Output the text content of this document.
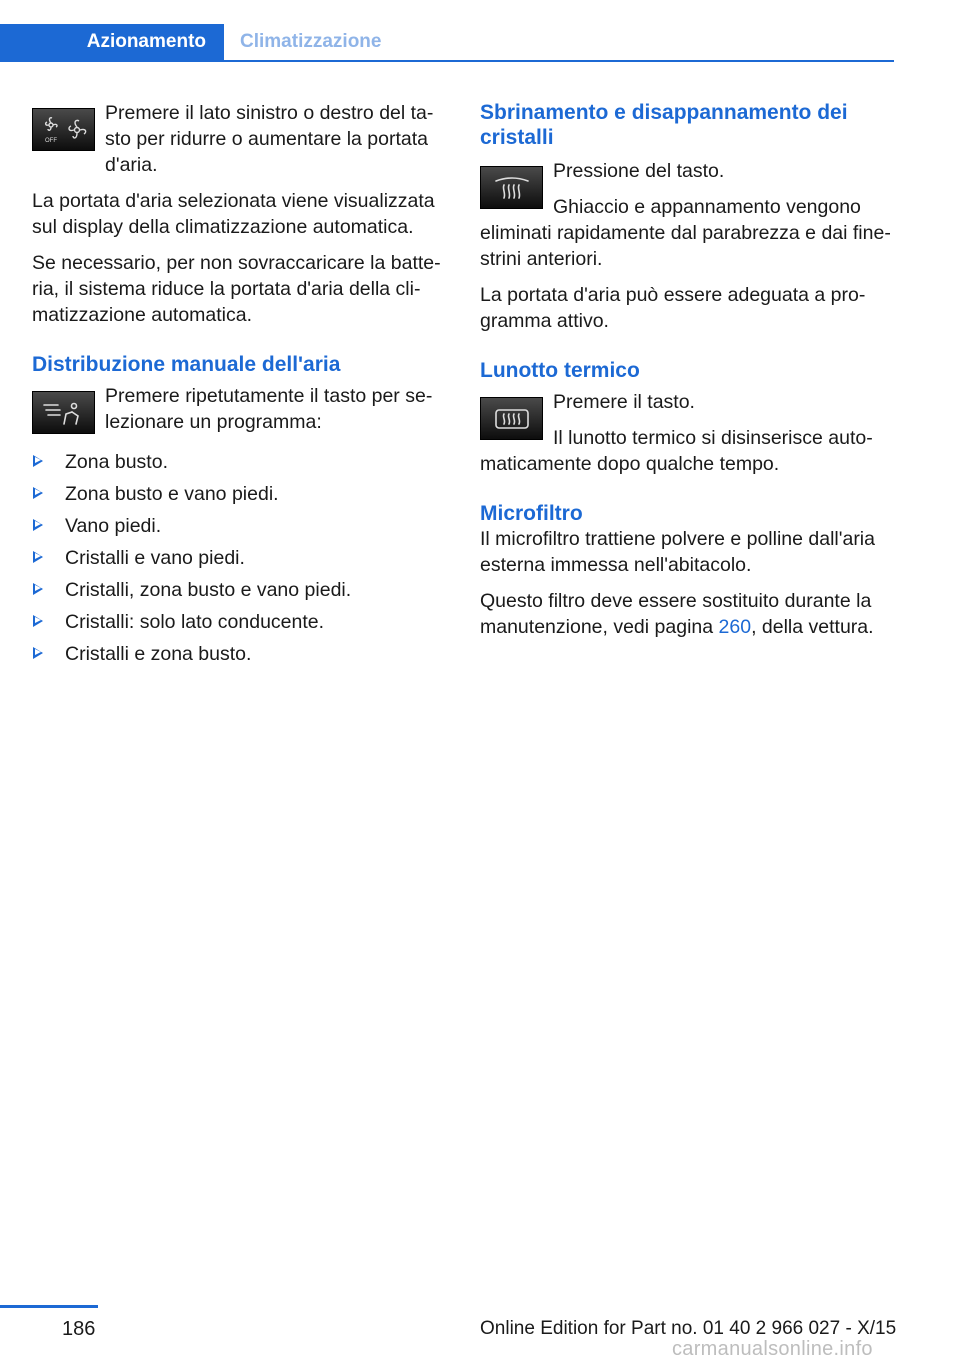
Azionamento	Climatizzazione
OFF

Premere il lato sinistro o destro del tasto per ridurre o aumentare la portata d'aria.

La portata d'aria selezionata viene visualizzata sul display della climatizzazione automatica.

Se necessario, per non sovraccaricare la batteria, il sistema riduce la portata d'aria della climatizzazione automatica.

Distribuzione manuale dell'aria

Premere ripetutamente il tasto per selezionare un programma:

Zona busto.
Zona busto e vano piedi.
Vano piedi.
Cristalli e vano piedi.
Cristalli, zona busto e vano piedi.
Cristalli: solo lato conducente.
Cristalli e zona busto.
Sbrinamento e disappannamento dei cristalli

Pressione del tasto.

Ghiaccio e appannamento vengono eliminati rapidamente dal parabrezza e dai finestrini anteriori.

La portata d'aria può essere adeguata a programma attivo.

Lunotto termico

Premere il tasto.

Il lunotto termico si disinserisce automaticamente dopo qualche tempo.

Microfiltro

Il microfiltro trattiene polvere e polline dall'aria esterna immessa nell'abitacolo.

Questo filtro deve essere sostituito durante la manutenzione, vedi pagina 260, della vettura.

186	Online Edition for Part no. 01 40 2 966 027 - X/15
carmanualsonline.info
